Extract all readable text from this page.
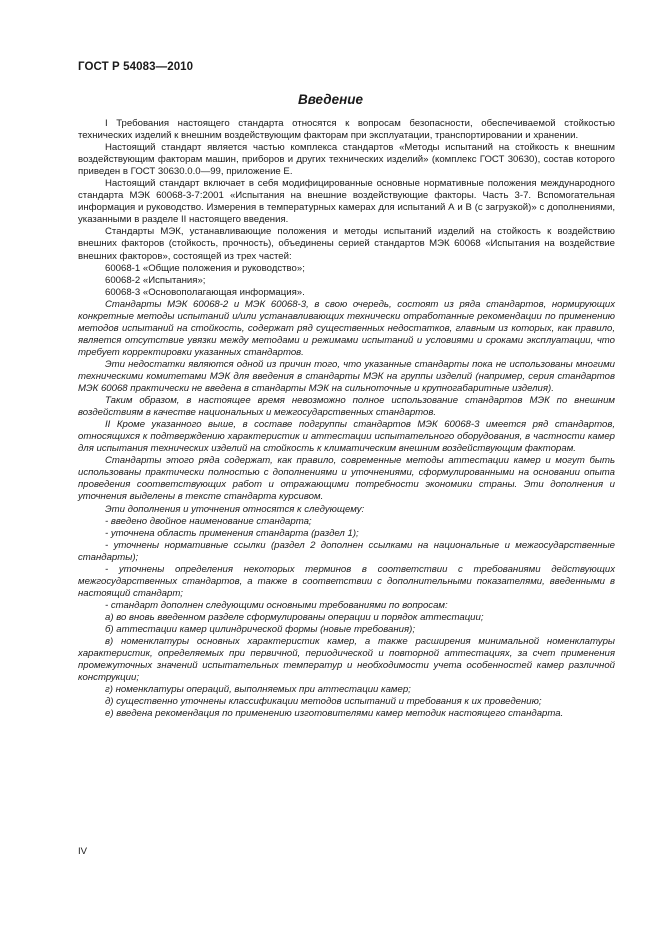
ГОСТ Р 54083—2010
Введение

I Требования настоящего стандарта относятся к вопросам безопасности, обеспечиваемой стойкостью технических изделий к внешним воздействующим факторам при эксплуатации, транспортировании и хранении.

Настоящий стандарт является частью комплекса стандартов «Методы испытаний на стойкость к внешним воздействующим факторам машин, приборов и других технических изделий» (комплекс ГОСТ 30630), состав которого приведен в ГОСТ 30630.0.0—99, приложение Е.

Настоящий стандарт включает в себя модифицированные основные нормативные положения международного стандарта МЭК 60068-3-7:2001 «Испытания на внешние воздействующие факторы. Часть 3-7. Вспомогательная информация и руководство. Измерения в температурных камерах для испытаний А и В (с загрузкой)» с дополнениями, указанными в разделе II настоящего введения.

Стандарты МЭК, устанавливающие положения и методы испытаний изделий на стойкость к воздействию внешних факторов (стойкость, прочность), объединены серией стандартов МЭК 60068 «Испытания на воздействие внешних факторов», состоящей из трех частей:

60068-1 «Общие положения и руководство»;

60068-2 «Испытания»;

60068-3 «Основополагающая информация».

Стандарты МЭК 60068-2 и МЭК 60068-3, в свою очередь, состоят из ряда стандартов, нормирующих конкретные методы испытаний и/или устанавливающих технически отработанные рекомендации по применению методов испытаний на стойкость, содержат ряд существенных недостатков, главным из которых, как правило, является отсутствие увязки между методами и режимами испытаний и условиями и сроками эксплуатации, что требует корректировки указанных стандартов.

Эти недостатки являются одной из причин того, что указанные стандарты пока не использованы многими техническими комитетами МЭК для введения в стандарты МЭК на группы изделий (например, серия стандартов МЭК 60068 практически не введена в стандарты МЭК на сильноточные и крупногабаритные изделия).

Таким образом, в настоящее время невозможно полное использование стандартов МЭК по внешним воздействиям в качестве национальных и межгосударственных стандартов.

II Кроме указанного выше, в составе подгруппы стандартов МЭК 60068-3 имеется ряд стандартов, относящихся к подтверждению характеристик и аттестации испытательного оборудования, в частности камер для испытания технических изделий на стойкость к климатическим внешним воздействующим факторам.

Стандарты этого ряда содержат, как правило, современные методы аттестации камер и могут быть использованы практически полностью с дополнениями и уточнениями, сформулированными на основании опыта проведения соответствующих работ и отражающими потребности экономики страны. Эти дополнения и уточнения выделены в тексте стандарта курсивом.

Эти дополнения и уточнения относятся к следующему:

- введено двойное наименование стандарта;

- уточнена область применения стандарта (раздел 1);

- уточнены нормативные ссылки (раздел 2 дополнен ссылками на национальные и межгосударственные стандарты);

- уточнены определения некоторых терминов в соответствии с требованиями действующих межгосударственных стандартов, а также в соответствии с дополнительными показателями, введенными в настоящий стандарт;

- стандарт дополнен следующими основными требованиями по вопросам:

а) во вновь введенном разделе сформулированы операции и порядок аттестации;

б) аттестации камер цилиндрической формы (новые требования);

в) номенклатуры основных характеристик камер, а также расширения минимальной номенклатуры характеристик, определяемых при первичной, периодической и повторной аттестациях, за счет применения промежуточных значений испытательных температур и необходимости учета особенностей камер различной конструкции;

г) номенклатуры операций, выполняемых при аттестации камер;

д) существенно уточнены классификации методов испытаний и требования к их проведению;

е) введена рекомендация по применению изготовителями камер методик настоящего стандарта.

IV
